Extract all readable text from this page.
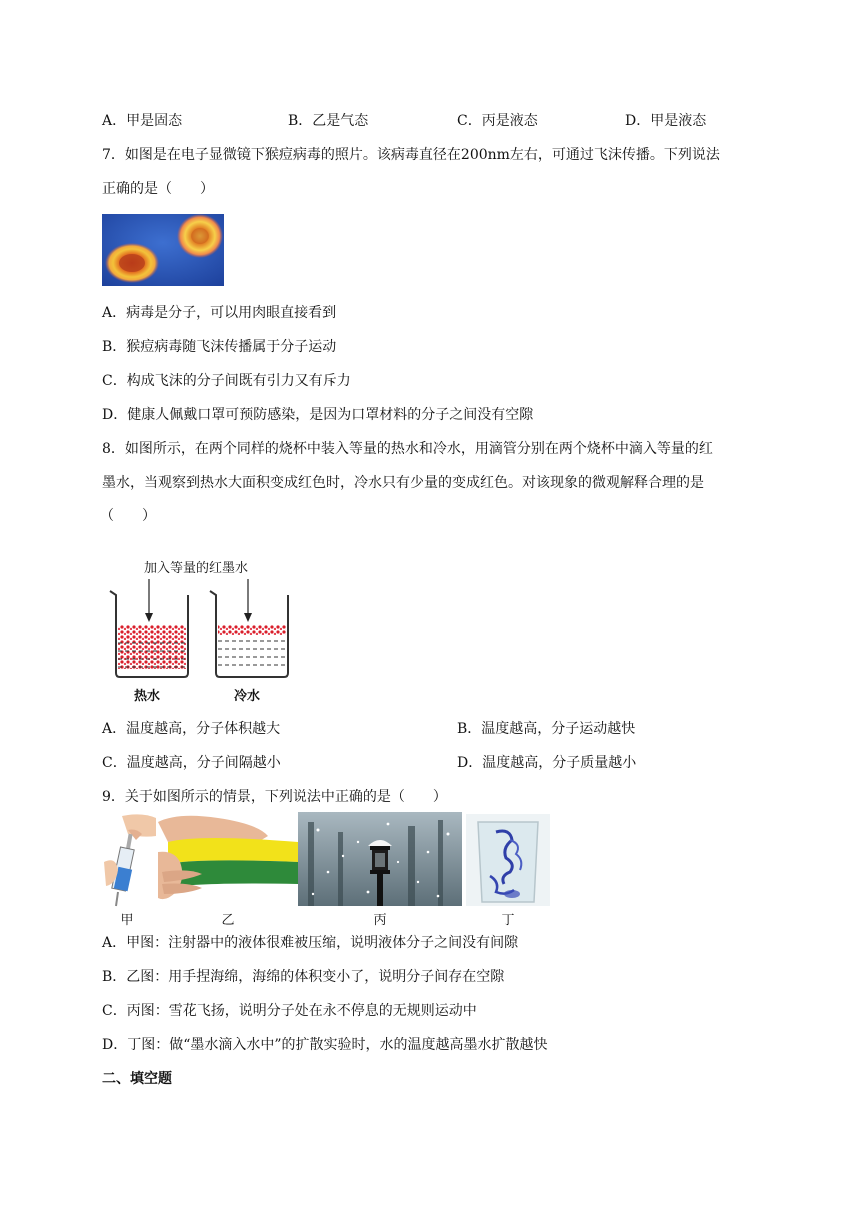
A．甲是固态	B．乙是气态	C．丙是液态	D．甲是液态
7．如图是在电子显微镜下猴痘病毒的照片。该病毒直径在200nm左右，可通过飞沫传播。下列说法
正确的是（　　）
A．病毒是分子，可以用肉眼直接看到
B．猴痘病毒随飞沫传播属于分子运动
C．构成飞沫的分子间既有引力又有斥力
D．健康人佩戴口罩可预防感染，是因为口罩材料的分子之间没有空隙
8．如图所示，在两个同样的烧杯中装入等量的热水和冷水，用滴管分别在两个烧杯中滴入等量的红
墨水，当观察到热水大面积变成红色时，冷水只有少量的变成红色。对该现象的微观解释合理的是
（　　）
加入等量的红墨水
热水	冷水
A．温度越高，分子体积越大	B．温度越高，分子运动越快
C．温度越高，分子间隔越小	D．温度越高，分子质量越小
9．关于如图所示的情景，下列说法中正确的是（　　）
甲	乙	丙	丁
A．甲图：注射器中的液体很难被压缩，说明液体分子之间没有间隙
B．乙图：用手捏海绵，海绵的体积变小了，说明分子间存在空隙
C．丙图：雪花飞扬，说明分子处在永不停息的无规则运动中
D．丁图：做“墨水滴入水中”的扩散实验时，水的温度越高墨水扩散越快
二、填空题
